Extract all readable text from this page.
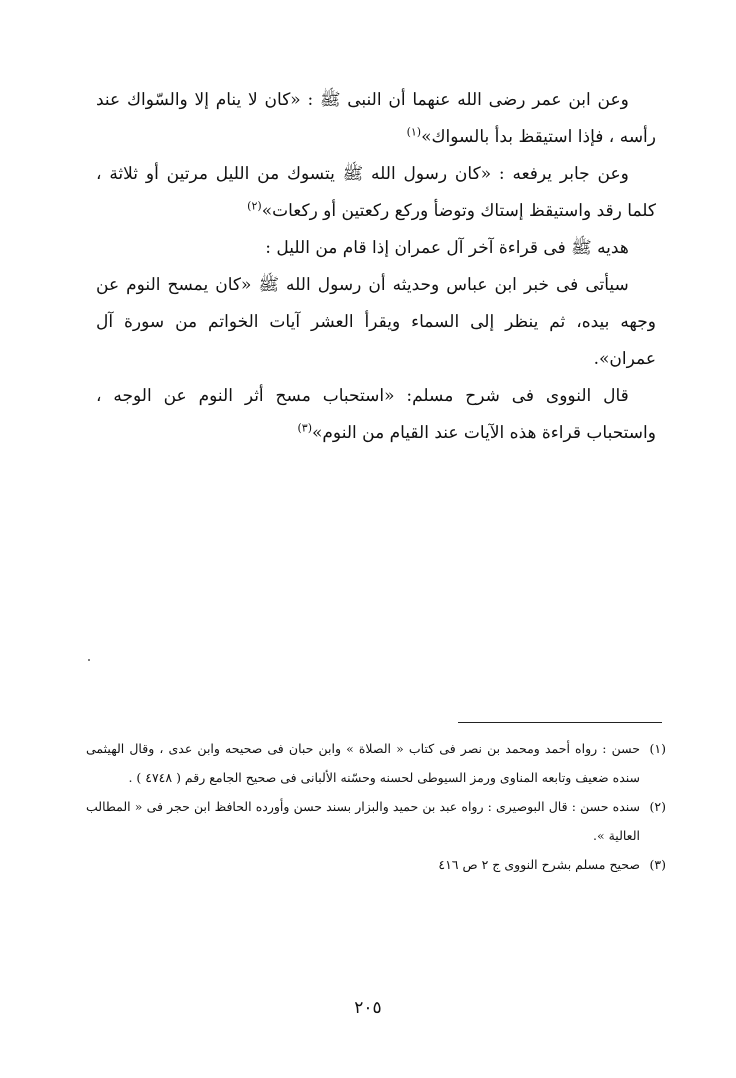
وعن ابن عمر رضى الله عنهما أن النبى ﷺ : «كان لا ينام إلا والسّواك عند رأسه ، فإذا استيقظ بدأ بالسواك»$^{(١)}$

وعن جابر يرفعه : «كان رسول الله ﷺ يتسوك من الليل مرتين أو ثلاثة ، كلما رقد واستيقظ إستاك وتوضأ وركع ركعتين أو ركعات»$^{(٢)}$

هديه ﷺ فى قراءة آخر آل عمران إذا قام من الليل :

سيأتى فى خبر ابن عباس وحديثه أن رسول الله ﷺ «كان يمسح النوم عن وجهه بيده، ثم ينظر إلى السماء ويقرأ العشر آيات الخواتم من سورة آل عمران».

قال النووى فى شرح مسلم: «استحباب مسح أثر النوم عن الوجه ، واستحباب قراءة هذه الآيات عند القيام من النوم»$^{(٣)}$

(١)
حسن : رواه أحمد ومحمد بن نصر فى كتاب « الصلاة » وابن حبان فى صحيحه وابن عدى ، وقال الهيثمى سنده ضعيف وتابعه المناوى ورمز السيوطى لحسنه وحسّنه الألبانى فى صحيح الجامع رقم ( ٤٧٤٨ ) .
(٢)
سنده حسن : قال البوصيرى : رواه عبد بن حميد والبزار بسند حسن وأورده الحافظ ابن حجر فى « المطالب العالية ».
(٣)
صحيح مسلم بشرح النووى ج ٢ ص ٤١٦
٢٠٥
